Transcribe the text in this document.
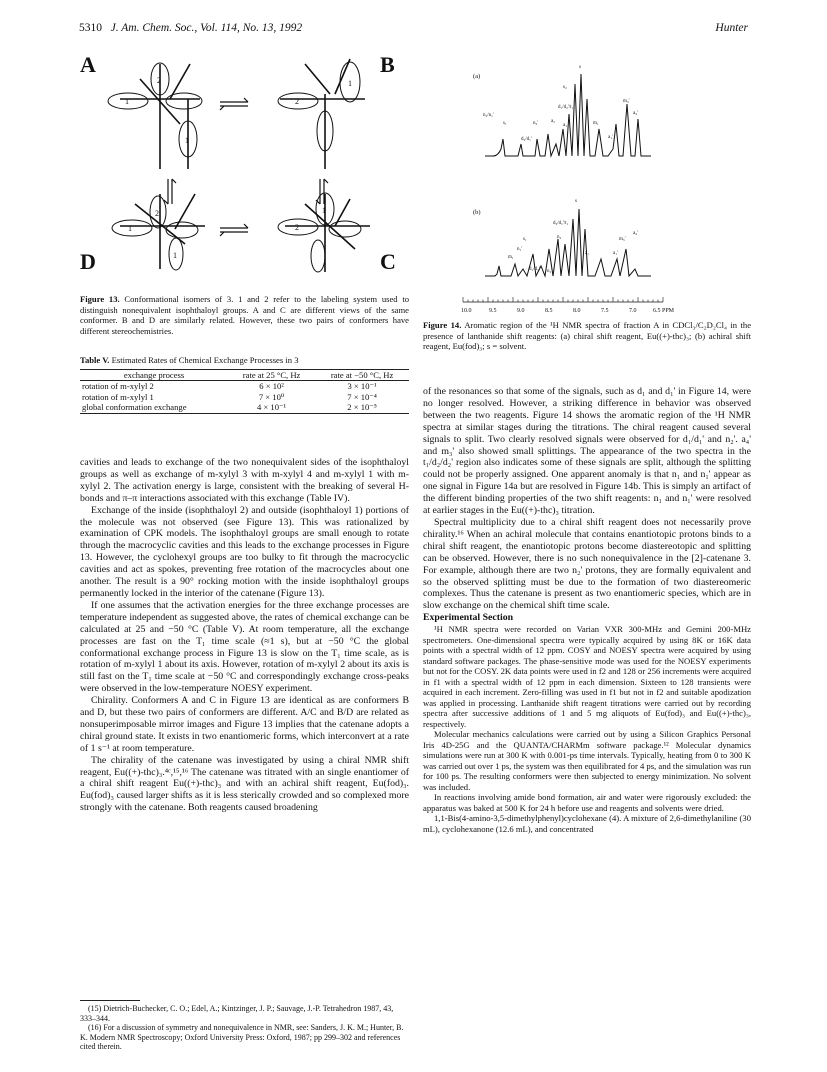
5310 J. Am. Chem. Soc., Vol. 114, No. 13, 1992	Hunter
A	B
D	C
1
2
1
1
2
1
2
1
2
1
Figure 13. Conformational isomers of 3. 1 and 2 refer to the labeling system used to distinguish nonequivalent isophthaloyl groups. A and C are different views of the same conformer. B and D are similarly related. However, these two pairs of conformers have different stereochemistries.
Table V. Estimated Rates of Chemical Exchange Processes in 3
exchange process	rate at 25 °C, Hz	rate at −50 °C, Hz
rotation of m-xylyl 2	6 × 10²	3 × 10⁻¹
rotation of m-xylyl 1	7 × 10⁰	7 × 10⁻⁴
global conformation exchange	4 × 10⁻¹	2 × 10⁻⁵

cavities and leads to exchange of the two nonequivalent sides of the isophthaloyl groups as well as exchange of m-xylyl 3 with m-xylyl 4 and m-xylyl 1 with m-xylyl 2. The activation energy is large, consistent with the breaking of several H-bonds and π–π interactions associated with this exchange (Table IV).

Exchange of the inside (isophthaloyl 2) and outside (isophthaloyl 1) portions of the molecule was not observed (see Figure 13). This was rationalized by examination of CPK models. The isophthaloyl groups are small enough to rotate through the macrocyclic cavities and this leads to the exchange processes in Figure 13. However, the cyclohexyl groups are too bulky to fit through the macrocyclic cavities and act as spokes, preventing free rotation of the macrocycles about one another. The result is a 90° rocking motion with the inside isophthaloyl groups permanently locked in the interior of the catenane (Figure 13).

If one assumes that the activation energies for the three exchange processes are temperature independent as suggested above, the rates of chemical exchange can be calculated at 25 and −50 °C (Table V). At room temperature, all the exchange processes are fast on the T₁ time scale (≈1 s), but at −50 °C the global conformational exchange process in Figure 13 is slow on the T₁ time scale, as is rotation of m-xylyl 1 about its axis. However, rotation of m-xylyl 2 about its axis is still fast on the T₁ time scale at −50 °C and correspondingly exchange cross-peaks were observed in the low-temperature NOESY experiment.

Chirality. Conformers A and C in Figure 13 are identical as are conformers B and D, but these two pairs of conformers are different. A/C and B/D are related as nonsuperimposable mirror images and Figure 13 implies that the catenane adopts a chiral ground state. It exists in two enantiomeric forms, which interconvert at a rate of 1 s⁻¹ at room temperature.

The chirality of the catenane was investigated by using a chiral NMR shift reagent, Eu((+)-thc)₃.⁴ᶜ,¹⁵,¹⁶ The catenane was titrated with an single enantiomer of a chiral shift reagent Eu((+)-thc)₃ and with an achiral shift reagent, Eu(fod)₃. Eu(fod)₃ caused larger shifts as it is less sterically crowded and so complexed more strongly with the catenane. Both reagents caused broadening

(15) Dietrich-Buchecker, C. O.; Edel, A.; Kintzinger, J. P.; Sauvage, J.-P. Tetrahedron 1987, 43, 333–344.

(16) For a discussion of symmetry and nonequivalence in NMR, see: Sanders, J. K. M.; Hunter, B. K. Modern NMR Spectroscopy; Oxford University Press: Oxford, 1987; pp 299–302 and references cited therein.

(a)
(b)
10.0	9.5	9.0	8.5	8.0	7.5	7.0	6.5 PPM
s
n₂/n₁'
s₁	n₃'	a₂
d₁/d₂'/t₁
d₂/d₁'
a₁	m₁
s₂
a₁'
a₄'
m₃'
s
d₂/d₁'/t₁
s₁	n₂
m₁
n₁'
d₁/d₁' n₂'
a₁'
a₁
m₃'
a₄'
Figure 14. Aromatic region of the ¹H NMR spectra of fraction A in CDCl₃/C₂D₂Cl₄ in the presence of lanthanide shift reagents: (a) chiral shift reagent, Eu((+)-thc)₃; (b) achiral shift reagent, Eu(fod)₃; s = solvent.

of the resonances so that some of the signals, such as d₁ and d₁' in Figure 14, were no longer resolved. However, a striking difference in behavior was observed between the two reagents. Figure 14 shows the aromatic region of the ¹H NMR spectra at similar stages during the titrations. The chiral reagent caused several signals to split. Two clearly resolved signals were observed for d₁/d₁' and n₂'. a₄' and m₃' also showed small splittings. The appearance of the two spectra in the t₁/d₂/d₂' region also indicates some of these signals are split, although the splitting could not be properly assigned. One apparent anomaly is that n₁ and n₁' appear as one signal in Figure 14a but are resolved in Figure 14b. This is simply an artifact of the different binding properties of the two shift reagents: n₁ and n₁' were resolved at earlier stages in the Eu((+)-thc)₃ titration.

Spectral multiplicity due to a chiral shift reagent does not necessarily prove chirality.¹⁶ When an achiral molecule that contains enantiotopic protons binds to a chiral shift reagent, the enantiotopic protons become diastereotopic and splitting can be observed. However, there is no such nonequivalence in the [2]-catenane 3. For example, although there are two n₂' protons, they are formally equivalent and so the observed splitting must be due to the formation of two diastereomeric complexes. Thus the catenane is present as two enantiomeric species, which are in slow exchange on the chemical shift time scale.

Experimental Section

¹H NMR spectra were recorded on Varian VXR 300-MHz and Gemini 200-MHz spectrometers. One-dimensional spectra were typically acquired by using 8K or 16K data points with a spectral width of 12 ppm. COSY and NOESY spectra were acquired by using standard software packages. The phase-sensitive mode was used for the NOESY experiments but not for the COSY. 2K data points were used in f2 and 128 or 256 increments were acquired in f1 with a spectral width of 12 ppm in each dimension. Sixteen to 128 transients were acquired in each increment. Zero-filling was used in f1 but not in f2 and suitable apodization was applied in processing. Lanthanide shift reagent titrations were carried out by recording spectra after successive additions of 1 and 5 mg aliquots of Eu(fod)₃ and Eu((+)-thc)₃, respectively.

Molecular mechanics calculations were carried out by using a Silicon Graphics Personal Iris 4D-25G and the QUANTA/CHARMm software package.¹² Molecular dynamics simulations were run at 300 K with 0.001-ps time intervals. Typically, heating from 0 to 300 K was carried out over 1 ps, the system was then equilibrated for 4 ps, and the simulation was run for 100 ps. The resulting conformers were then subjected to energy minimization. No solvent was included.

In reactions involving amide bond formation, air and water were rigorously excluded: the apparatus was baked at 500 K for 24 h before use and reagents and solvents were dried.

1,1-Bis(4-amino-3,5-dimethylphenyl)cyclohexane (4). A mixture of 2,6-dimethylaniline (30 mL), cyclohexanone (12.6 mL), and concentrated
